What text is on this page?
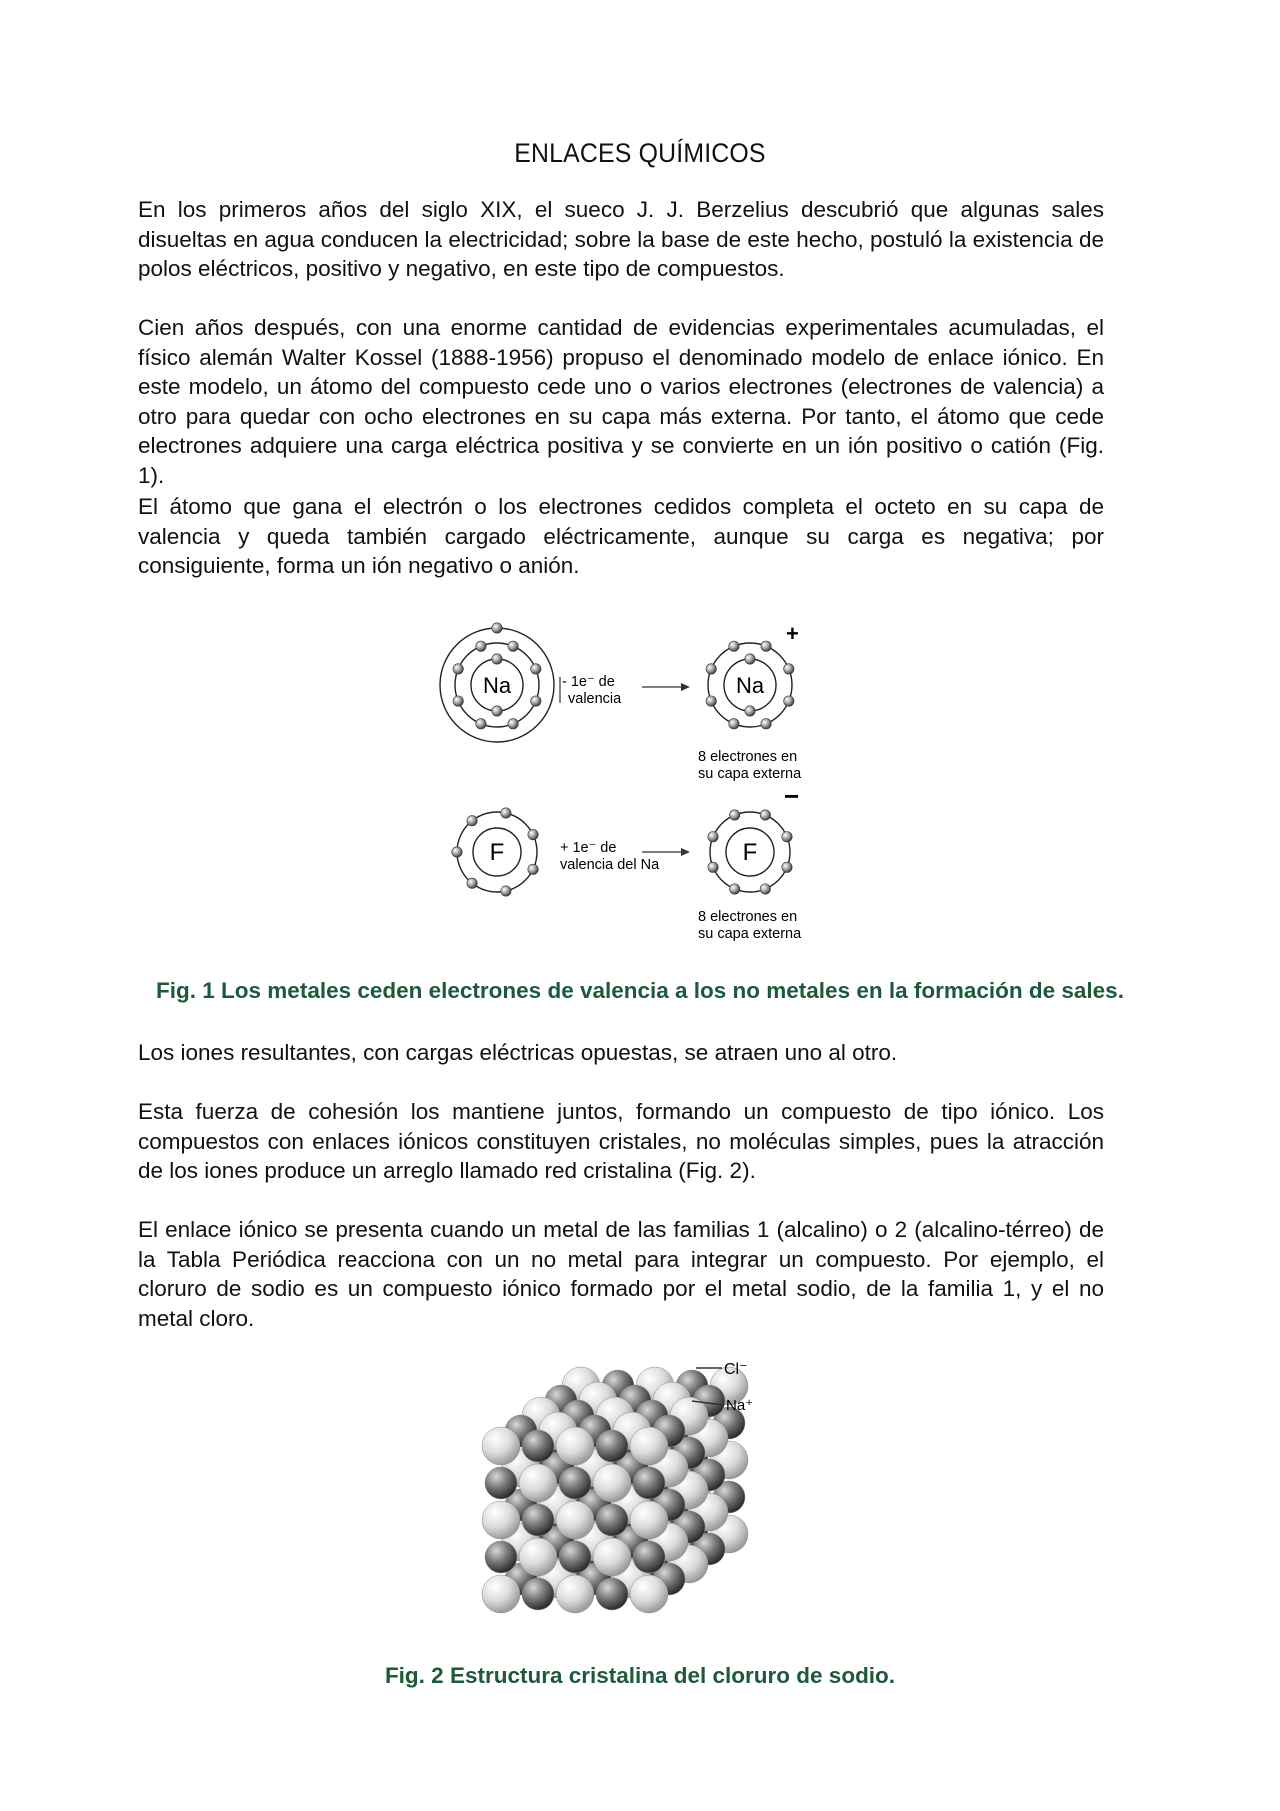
ENLACES QUÍMICOS

En los primeros años del siglo XIX, el sueco J. J. Berzelius descubrió que algunas sales disueltas en agua conducen la electricidad; sobre la base de este hecho, postuló la existencia de polos eléctricos, positivo y negativo, en este tipo de compuestos.

Cien años después, con una enorme cantidad de evidencias experimentales acumuladas, el físico alemán Walter Kossel (1888-1956) propuso el denominado modelo de enlace iónico. En este modelo, un átomo del compuesto cede uno o varios electrones (electrones de valencia) a otro para quedar con ocho electrones en su capa más externa. Por tanto, el átomo que cede electrones adquiere una carga eléctrica positiva y se convierte en un ión positivo o catión (Fig. 1).

El átomo que gana el electrón o los electrones cedidos completa el octeto en su capa de valencia y queda también cargado eléctricamente, aunque su carga es negativa; por consiguiente, forma un ión negativo o anión.

Na	Na
F	F
- 1e⁻ de
valencia
+ 1e⁻ de
valencia del Na
8 electrones en
su capa externa
8 electrones en
su capa externa
+
−
Fig. 1 Los metales ceden electrones de valencia a los no metales en la formación de sales.

Los iones resultantes, con cargas eléctricas opuestas, se atraen uno al otro.

Esta fuerza de cohesión los mantiene juntos, formando un compuesto de tipo iónico. Los compuestos con enlaces iónicos constituyen cristales, no moléculas simples, pues la atracción de los iones produce un arreglo llamado red cristalina (Fig. 2).

El enlace iónico se presenta cuando un metal de las familias 1 (alcalino) o 2 (alcalino-térreo) de la Tabla Periódica reacciona con un no metal para integrar un compuesto. Por ejemplo, el cloruro de sodio es un compuesto iónico formado por el metal sodio, de la familia 1, y el no metal cloro.

Cl⁻
Na⁺
Fig. 2 Estructura cristalina del cloruro de sodio.
